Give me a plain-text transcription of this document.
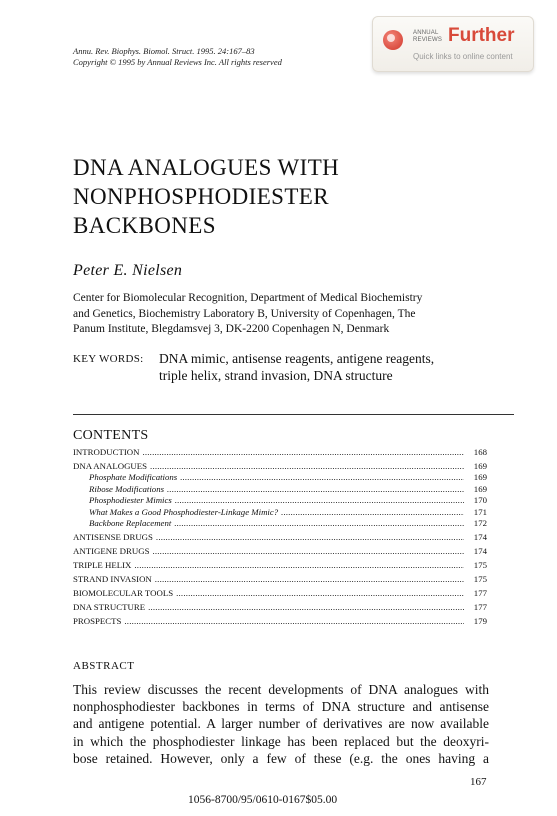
Annu. Rev. Biophys. Biomol. Struct. 1995. 24:167–83
Copyright © 1995 by Annual Reviews Inc. All rights reserved
ANNUAL
REVIEWS Further
Quick links to online content
DNA ANALOGUES WITH
NONPHOSPHODIESTER
BACKBONES
Peter E. Nielsen
Center for Biomolecular Recognition, Department of Medical Biochemistry
and Genetics, Biochemistry Laboratory B, University of Copenhagen, The
Panum Institute, Blegdamsvej 3, DK-2200 Copenhagen N, Denmark
KEY WORDS: DNA mimic, antisense reagents, antigene reagents,
triple helix, strand invasion, DNA structure
CONTENTS
INTRODUCTION .....	168
DNA ANALOGUES .....	169
Phosphate Modifications .....	169
Ribose Modifications .....	169
Phosphodiester Mimics .....	170
What Makes a Good Phosphodiester-Linkage Mimic? .....	171
Backbone Replacement .....	172
ANTISENSE DRUGS .....	174
ANTIGENE DRUGS .....	174
TRIPLE HELIX .....	175
STRAND INVASION .....	175
BIOMOLECULAR TOOLS .....	177
DNA STRUCTURE .....	177
PROSPECTS .....	179
ABSTRACT
This review discusses the recent developments of DNA analogues with
nonphosphodiester backbones in terms of DNA structure and antisense
and antigene potential. A larger number of derivatives are now available
in which the phosphodiester linkage has been replaced but the deoxyri-
bose retained. However, only a few of these (e.g. the ones having a
167
1056-8700/95/0610-0167$05.00
